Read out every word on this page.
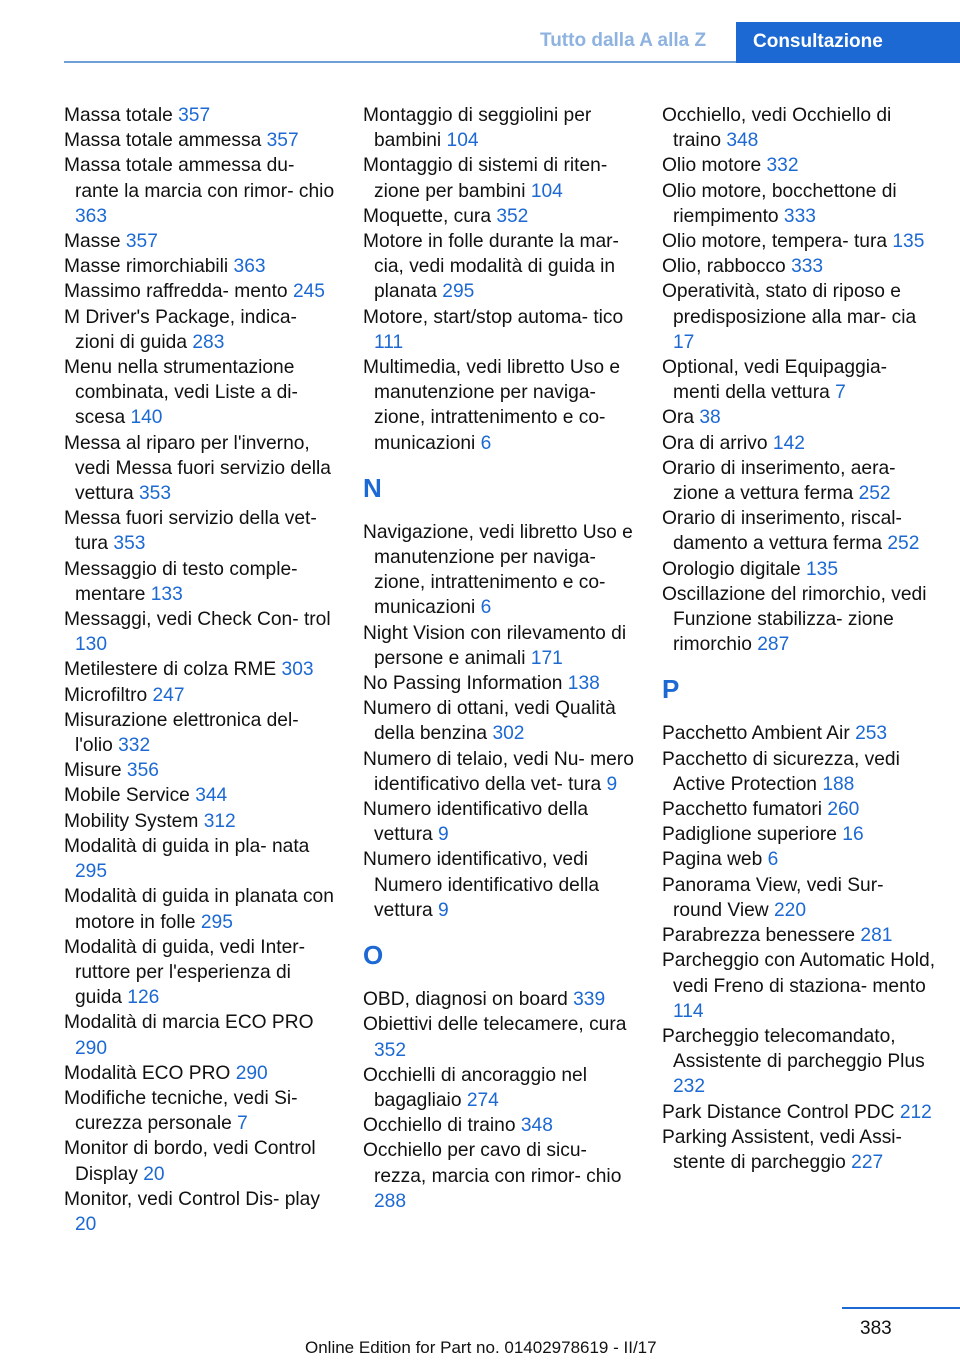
Tutto dalla A alla Z	Consultazione

Massa totale 357

Massa totale ammessa 357

Massa totale ammessa du‐ rante la marcia con rimor‐ chio 363

Masse 357

Masse rimorchiabili 363

Massimo raffredda‐ mento 245

M Driver's Package, indica‐ zioni di guida 283

Menu nella strumentazione combinata, vedi Liste a di‐ scesa 140

Messa al riparo per l'inverno, vedi Messa fuori servizio della vettura 353

Messa fuori servizio della vet‐ tura 353

Messaggio di testo comple‐ mentare 133

Messaggi, vedi Check Con‐ trol 130

Metilestere di colza RME 303

Microfiltro 247

Misurazione elettronica del‐ l'olio 332

Misure 356

Mobile Service 344

Mobility System 312

Modalità di guida in pla‐ nata 295

Modalità di guida in planata con motore in folle 295

Modalità di guida, vedi Inter‐ ruttore per l'esperienza di guida 126

Modalità di marcia ECO PRO 290

Modalità ECO PRO 290

Modifiche tecniche, vedi Si‐ curezza personale 7

Monitor di bordo, vedi Control Display 20

Monitor, vedi Control Dis‐ play 20

Montaggio di seggiolini per bambini 104

Montaggio di sistemi di riten‐ zione per bambini 104

Moquette, cura 352

Motore in folle durante la mar‐ cia, vedi modalità di guida in planata 295

Motore, start/stop automa‐ tico 111

Multimedia, vedi libretto Uso e manutenzione per naviga‐ zione, intrattenimento e co‐ municazioni 6

N

Navigazione, vedi libretto Uso e manutenzione per naviga‐ zione, intrattenimento e co‐ municazioni 6

Night Vision con rilevamento di persone e animali 171

No Passing Information 138

Numero di ottani, vedi Qualità della benzina 302

Numero di telaio, vedi Nu‐ mero identificativo della vet‐ tura 9

Numero identificativo della vettura 9

Numero identificativo, vedi Numero identificativo della vettura 9

O

OBD, diagnosi on board 339

Obiettivi delle telecamere, cura 352

Occhielli di ancoraggio nel bagagliaio 274

Occhiello di traino 348

Occhiello per cavo di sicu‐ rezza, marcia con rimor‐ chio 288

Occhiello, vedi Occhiello di traino 348

Olio motore 332

Olio motore, bocchettone di riempimento 333

Olio motore, tempera‐ tura 135

Olio, rabbocco 333

Operatività, stato di riposo e predisposizione alla mar‐ cia 17

Optional, vedi Equipaggia‐ menti della vettura 7

Ora 38

Ora di arrivo 142

Orario di inserimento, aera‐ zione a vettura ferma 252

Orario di inserimento, riscal‐ damento a vettura ferma 252

Orologio digitale 135

Oscillazione del rimorchio, vedi Funzione stabilizza‐ zione rimorchio 287

P

Pacchetto Ambient Air 253

Pacchetto di sicurezza, vedi Active Protection 188

Pacchetto fumatori 260

Padiglione superiore 16

Pagina web 6

Panorama View, vedi Sur‐ round View 220

Parabrezza benessere 281

Parcheggio con Automatic Hold, vedi Freno di staziona‐ mento 114

Parcheggio telecomandato, Assistente di parcheggio Plus 232

Park Distance Control PDC 212

Parking Assistent, vedi Assi‐ stente di parcheggio 227

383
Online Edition for Part no. 01402978619 - II/17
